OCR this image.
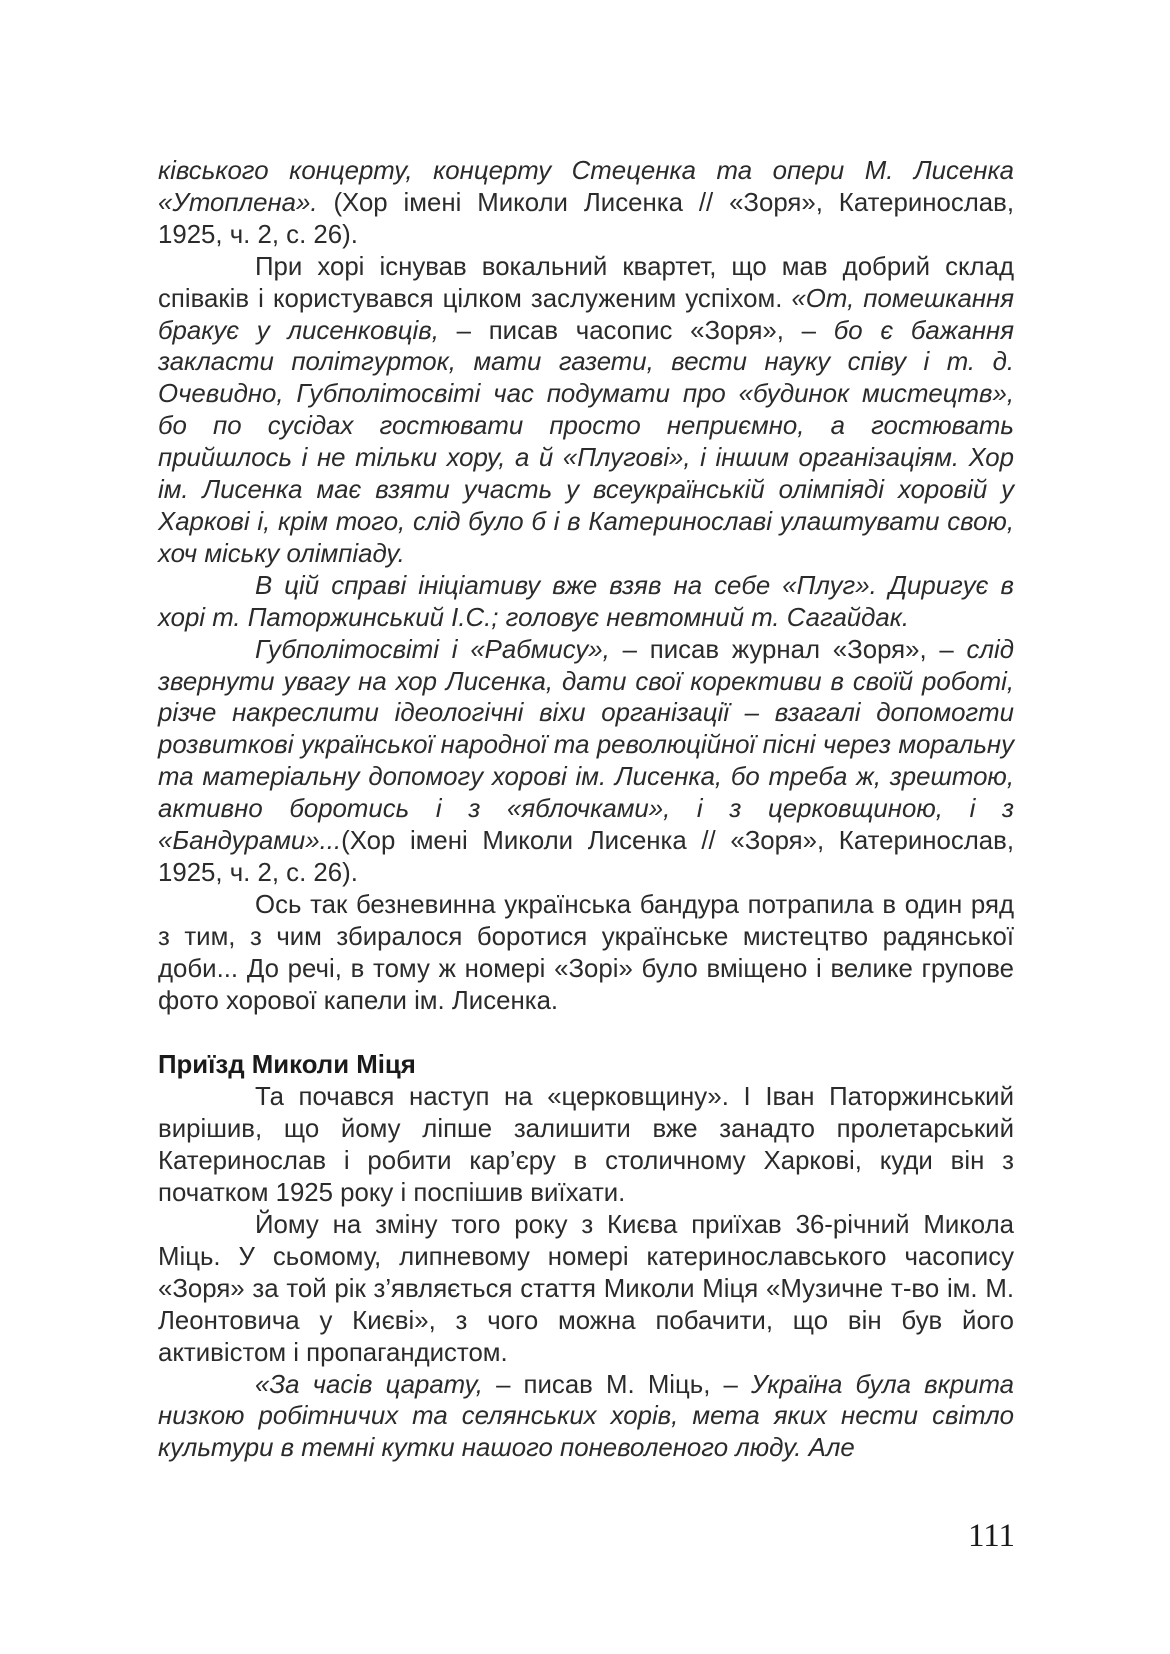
ківського концерту, концерту Стеценка та опери М. Лисенка «Утоплена». (Хор імені Миколи Лисенка // «Зоря», Катеринослав, 1925, ч. 2, с. 26).

При хорі існував вокальний квартет, що мав добрий склад співаків і користувався цілком заслуженим успіхом. «От, помешкання бракує у лисенковців, – писав часопис «Зоря», – бо є бажання закласти політгурток, мати газети, вести науку співу і т. д. Очевидно, Губполітосвіті час подумати про «будинок мистецтв», бо по сусідах гостювати просто неприємно, а гостювать прийшлось і не тільки хору, а й «Плугові», і іншим організаціям. Хор ім. Лисенка має взяти участь у всеукраїнській олімпіяді хоровій у Харкові і, крім того, слід було б і в Катеринославі улаштувати свою, хоч міську олімпіаду.

В цій справі ініціативу вже взяв на себе «Плуг». Диригує в хорі т. Паторжинський І.С.; головує невтомний т. Сагайдак.

Губполітосвіті і «Рабмису», – писав журнал «Зоря», – слід звернути увагу на хор Лисенка, дати свої корективи в своїй роботі, різче накреслити ідеологічні віхи організації – взагалі допомогти розвиткові української народної та революційної пісні через моральну та матеріальну допомогу хорові ім. Лисенка, бо треба ж, зрештою, активно боротись і з «яблочками», і з церковщиною, і з «Бандурами»...(Хор імені Миколи Лисенка // «Зоря», Катеринослав, 1925, ч. 2, с. 26).

Ось так безневинна українська бандура потрапила в один ряд з тим, з чим збиралося боротися українське мистецтво радянської доби... До речі, в тому ж номері «Зорі» було вміщено і велике групове фото хорової капели ім. Лисенка.

Приїзд Миколи Міця

Та почався наступ на «церковщину». І Іван Паторжинський вирішив, що йому ліпше залишити вже занадто пролетарський Катеринослав і робити кар’єру в столичному Харкові, куди він з початком 1925 року і поспішив виїхати.

Йому на зміну того року з Києва приїхав 36-річний Микола Міць. У сьомому, липневому номері катеринославського часопису «Зоря» за той рік з’являється стаття Миколи Міця «Музичне т-во ім. М. Леонтовича у Києві», з чого можна побачити, що він був його активістом і пропагандистом.

«За часів царату, – писав М. Міць, – Україна була вкрита низкою робітничих та селянських хорів, мета яких нести світло культури в темні кутки нашого поневоленого люду. Але

111
